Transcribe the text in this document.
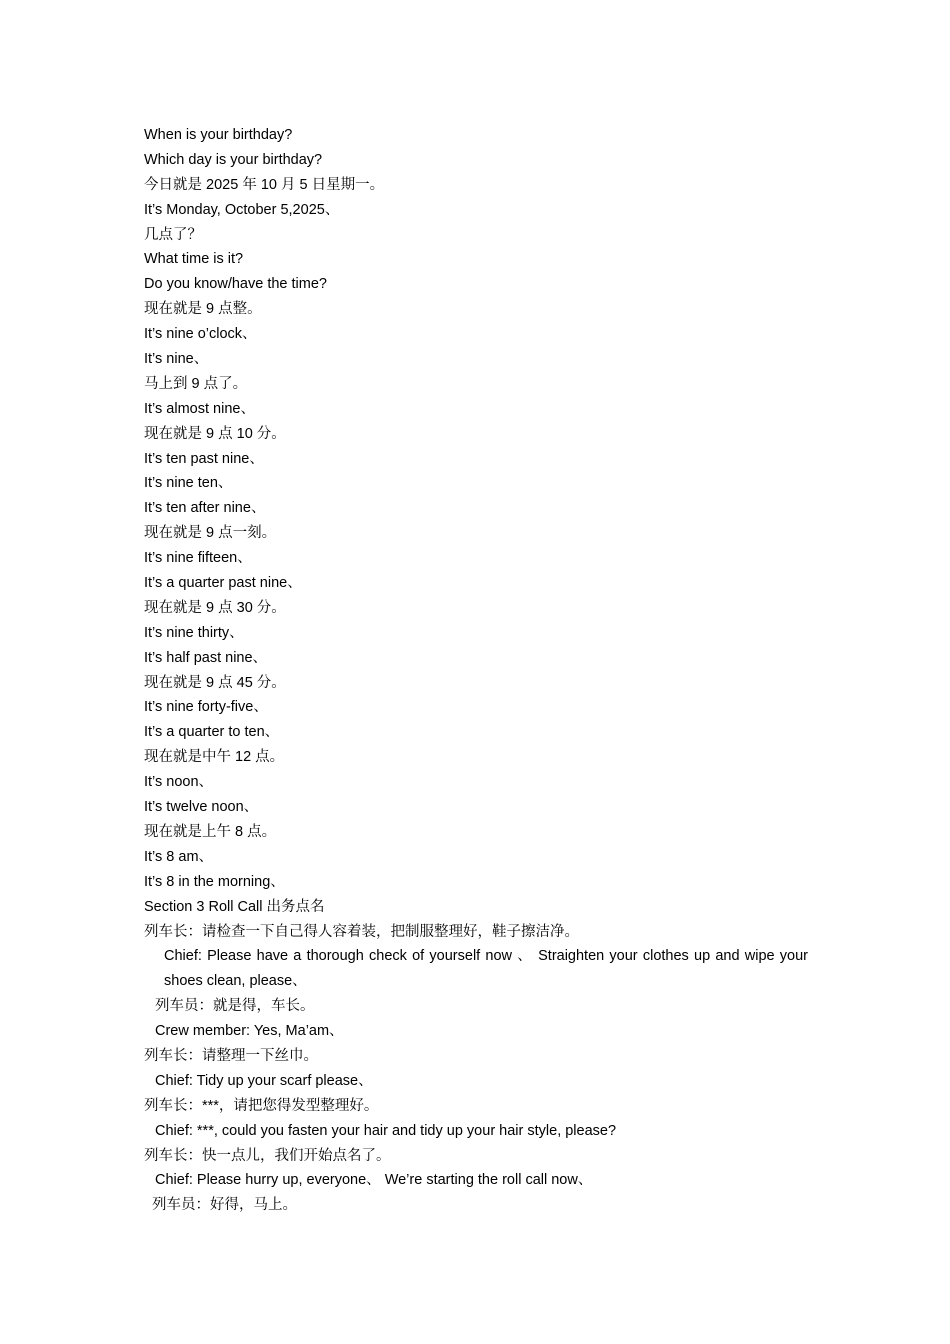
When is your birthday?
Which day is your birthday?
今日就是 2025 年 10 月 5 日星期一。
It’s Monday, October 5,2025、
几点了？
What time is it?
Do you know/have the time?
现在就是 9 点整。
It’s nine o’clock、
It’s nine、
马上到 9 点了。
It’s almost nine、
现在就是 9 点 10 分。
It’s ten past nine、
It’s nine ten、
It’s ten after nine、
现在就是 9 点一刻。
It’s nine fifteen、
It’s a quarter past nine、
现在就是 9 点 30 分。
It’s nine thirty、
It’s half past nine、
现在就是 9 点 45 分。
It’s nine forty-five、
It’s a quarter to ten、
现在就是中午 12 点。
It’s noon、
It’s twelve noon、
现在就是上午 8 点。
It’s 8 am、
It’s 8 in the morning、
Section 3 Roll Call 出务点名
列车长：请检查一下自己得人容着装，把制服整理好，鞋子擦洁净。
Chief: Please have a thorough check of yourself now 、 Straighten your clothes up and wipe your shoes clean, please、
列车员：就是得，车长。
Crew member: Yes, Ma’am、
列车长：请整理一下丝巾。
Chief: Tidy up your scarf please、
列车长：***，请把您得发型整理好。
Chief: ***, could you fasten your hair and tidy up your hair style, please?
列车长：快一点儿，我们开始点名了。
Chief: Please hurry up, everyone、 We’re starting the roll call now、
列车员：好得，马上。
